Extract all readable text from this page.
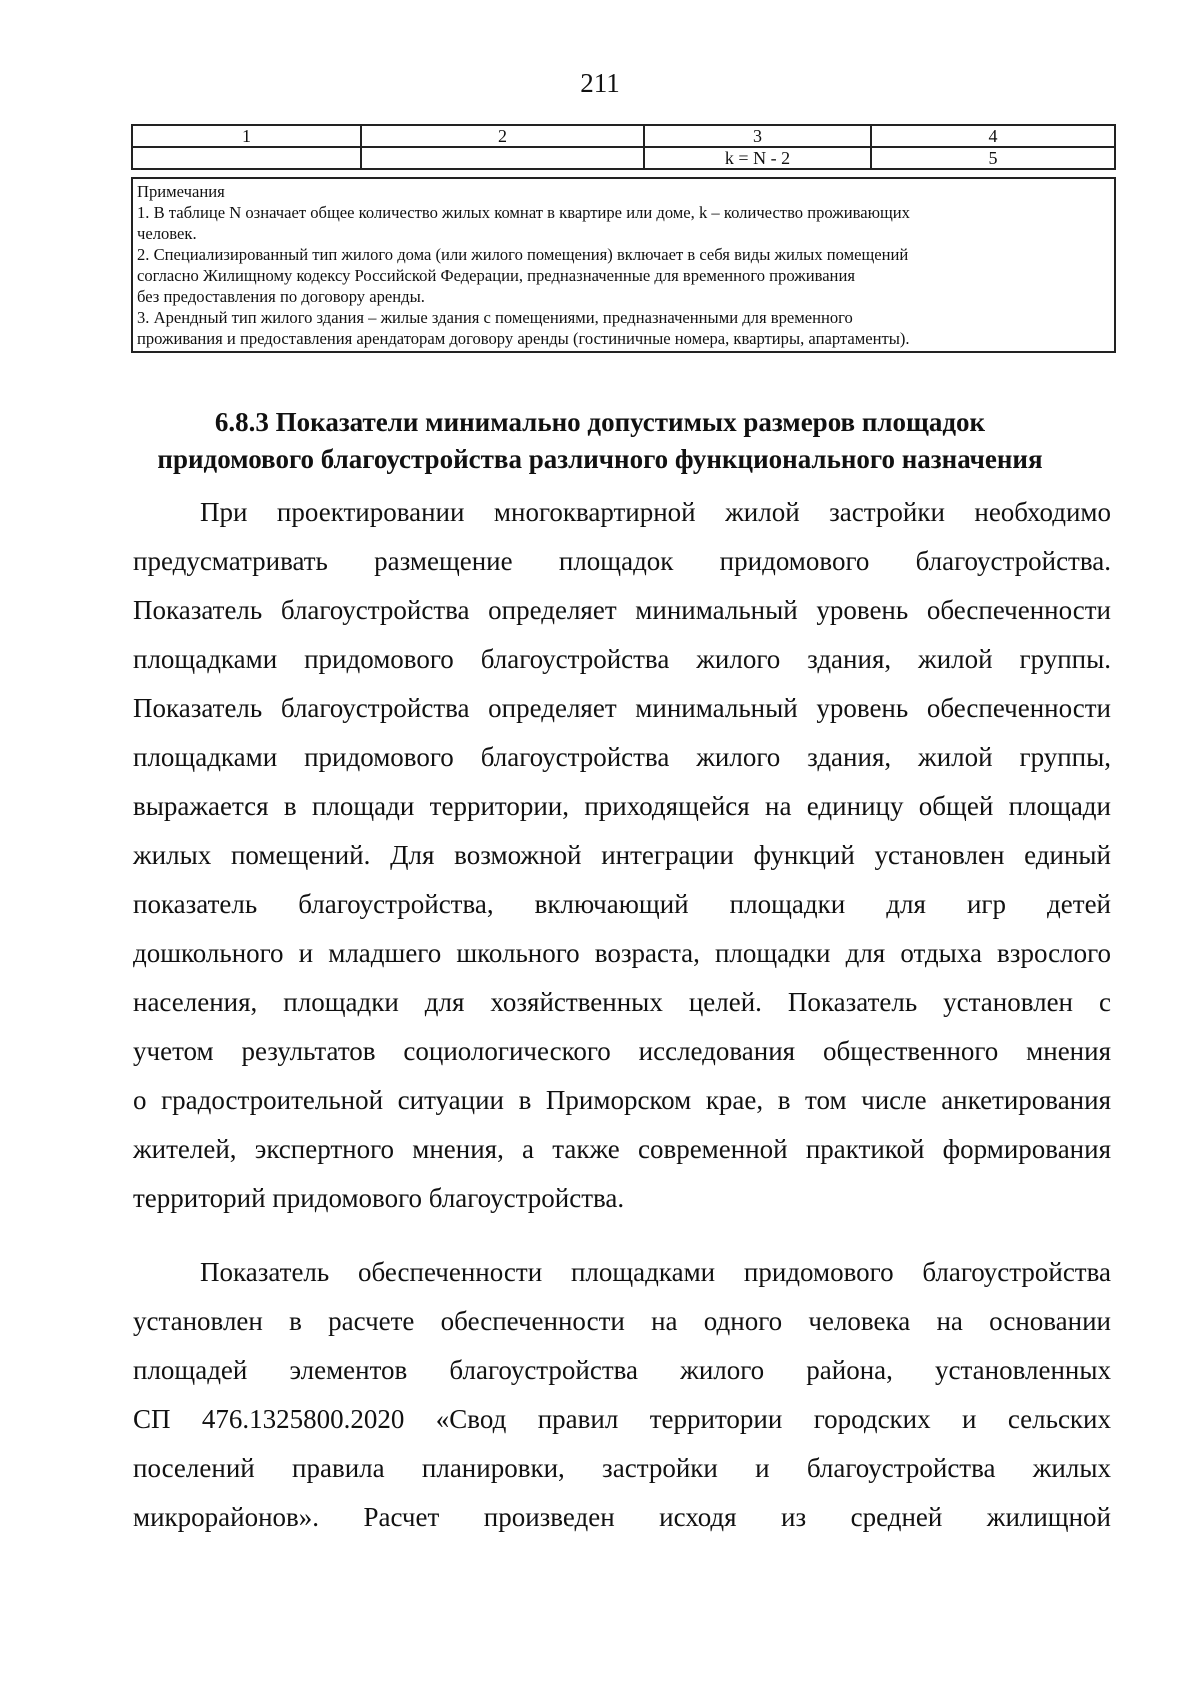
211
1	2	3	4
		k = N - 2	5
Примечания
1. В таблице N означает общее количество жилых комнат в квартире или доме, k – количество проживающих
человек.
2. Специализированный тип жилого дома (или жилого помещения) включает в себя виды жилых помещений
согласно Жилищному кодексу Российской Федерации, предназначенные для временного проживания
без предоставления по договору аренды.
3. Арендный тип жилого здания – жилые здания с помещениями, предназначенными для временного
проживания и предоставления арендаторам договору аренды (гостиничные номера, квартиры, апартаменты).
6.8.3 Показатели минимально допустимых размеров площадок
придомового благоустройства различного функционального назначения
При проектировании многоквартирной жилой застройки необходимо
предусматривать размещение площадок придомового благоустройства.
Показатель благоустройства определяет минимальный уровень обеспеченности
площадками придомового благоустройства жилого здания, жилой группы.
Показатель благоустройства определяет минимальный уровень обеспеченности
площадками придомового благоустройства жилого здания, жилой группы,
выражается в площади территории, приходящейся на единицу общей площади
жилых помещений. Для возможной интеграции функций установлен единый
показатель благоустройства, включающий площадки для игр детей
дошкольного и младшего школьного возраста, площадки для отдыха взрослого
населения, площадки для хозяйственных целей. Показатель установлен с
учетом результатов социологического исследования общественного мнения
о градостроительной ситуации в Приморском крае, в том числе анкетирования
жителей, экспертного мнения, а также современной практикой формирования
территорий придомового благоустройства.
Показатель обеспеченности площадками придомового благоустройства
установлен в расчете обеспеченности на одного человека на основании
площадей элементов благоустройства жилого района, установленных
СП 476.1325800.2020 «Свод правил территории городских и сельских
поселений правила планировки, застройки и благоустройства жилых
микрорайонов». Расчет произведен исходя из средней жилищной
